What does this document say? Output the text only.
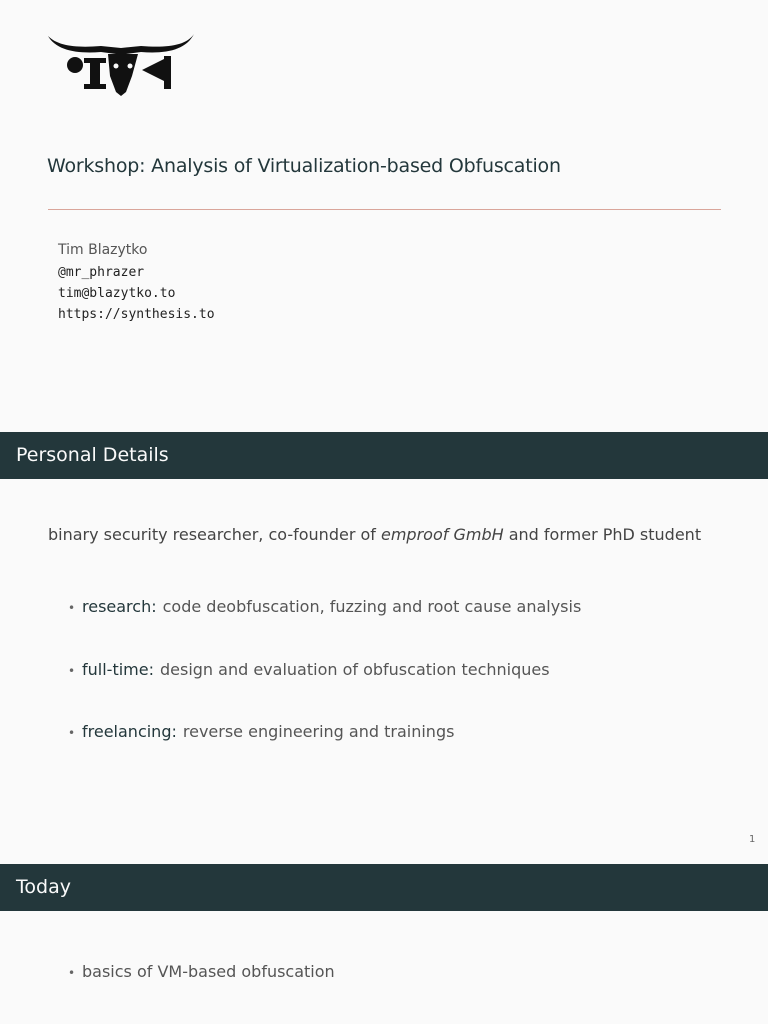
Workshop: Analysis of Virtualization-based Obfuscation
Tim Blazytko
@mr_phrazer
tim@blazytko.to
https://synthesis.to
Personal Details
binary security researcher, co-founder of emproof GmbH and former PhD student
• research: code deobfuscation, fuzzing and root cause analysis
• full-time: design and evaluation of obfuscation techniques
• freelancing: reverse engineering and trainings
1
Today
• basics of VM-based obfuscation
